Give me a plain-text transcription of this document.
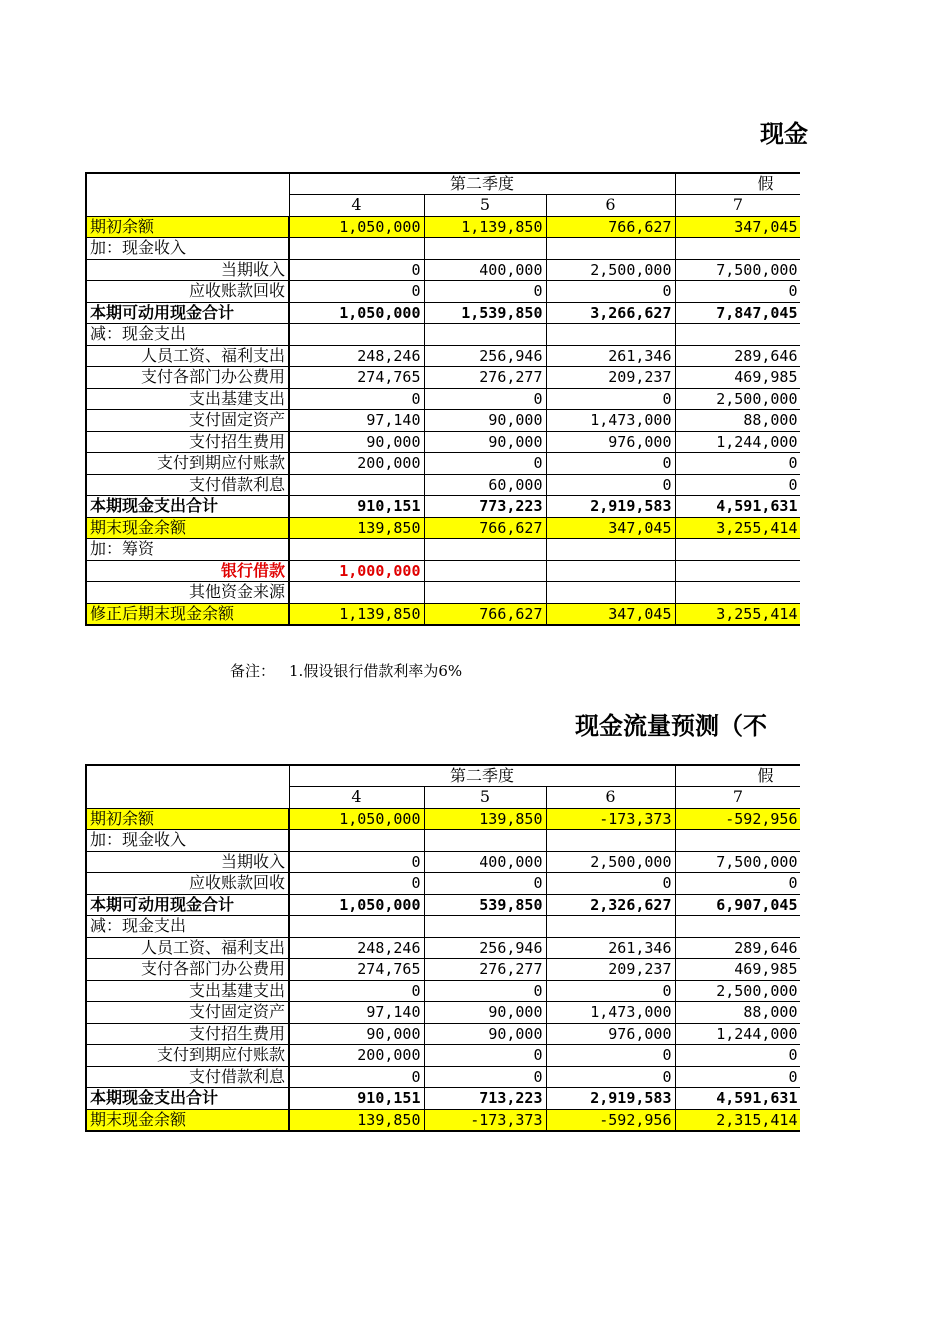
现金
	第二季度			假	
	4	5	6	7	
期初余额	1,050,000	1,139,850	766,627	347,045	
加：现金收入					
当期收入	0	400,000	2,500,000	7,500,000	
应收账款回收	0	0	0	0	
本期可动用现金合计	1,050,000	1,539,850	3,266,627	7,847,045	
减：现金支出					
人员工资、福利支出	248,246	256,946	261,346	289,646	
支付各部门办公费用	274,765	276,277	209,237	469,985	
支出基建支出	0	0	0	2,500,000	
支付固定资产	97,140	90,000	1,473,000	88,000	
支付招生费用	90,000	90,000	976,000	1,244,000	
支付到期应付账款	200,000	0	0	0	
支付借款利息		60,000	0	0	
本期现金支出合计	910,151	773,223	2,919,583	4,591,631	
期末现金余额	139,850	766,627	347,045	3,255,414	
加：筹资					
银行借款	1,000,000				
其他资金来源					
修正后期末现金余额	1,139,850	766,627	347,045	3,255,414	
备注： 1.假设银行借款利率为6%
现金流量预测（不
	第二季度			假	
	4	5	6	7	
期初余额	1,050,000	139,850	-173,373	-592,956	
加：现金收入					
当期收入	0	400,000	2,500,000	7,500,000	
应收账款回收	0	0	0	0	
本期可动用现金合计	1,050,000	539,850	2,326,627	6,907,045	
减：现金支出					
人员工资、福利支出	248,246	256,946	261,346	289,646	
支付各部门办公费用	274,765	276,277	209,237	469,985	
支出基建支出	0	0	0	2,500,000	
支付固定资产	97,140	90,000	1,473,000	88,000	
支付招生费用	90,000	90,000	976,000	1,244,000	
支付到期应付账款	200,000	0	0	0	
支付借款利息	0	0	0	0	
本期现金支出合计	910,151	713,223	2,919,583	4,591,631	
期末现金余额	139,850	-173,373	-592,956	2,315,414	
